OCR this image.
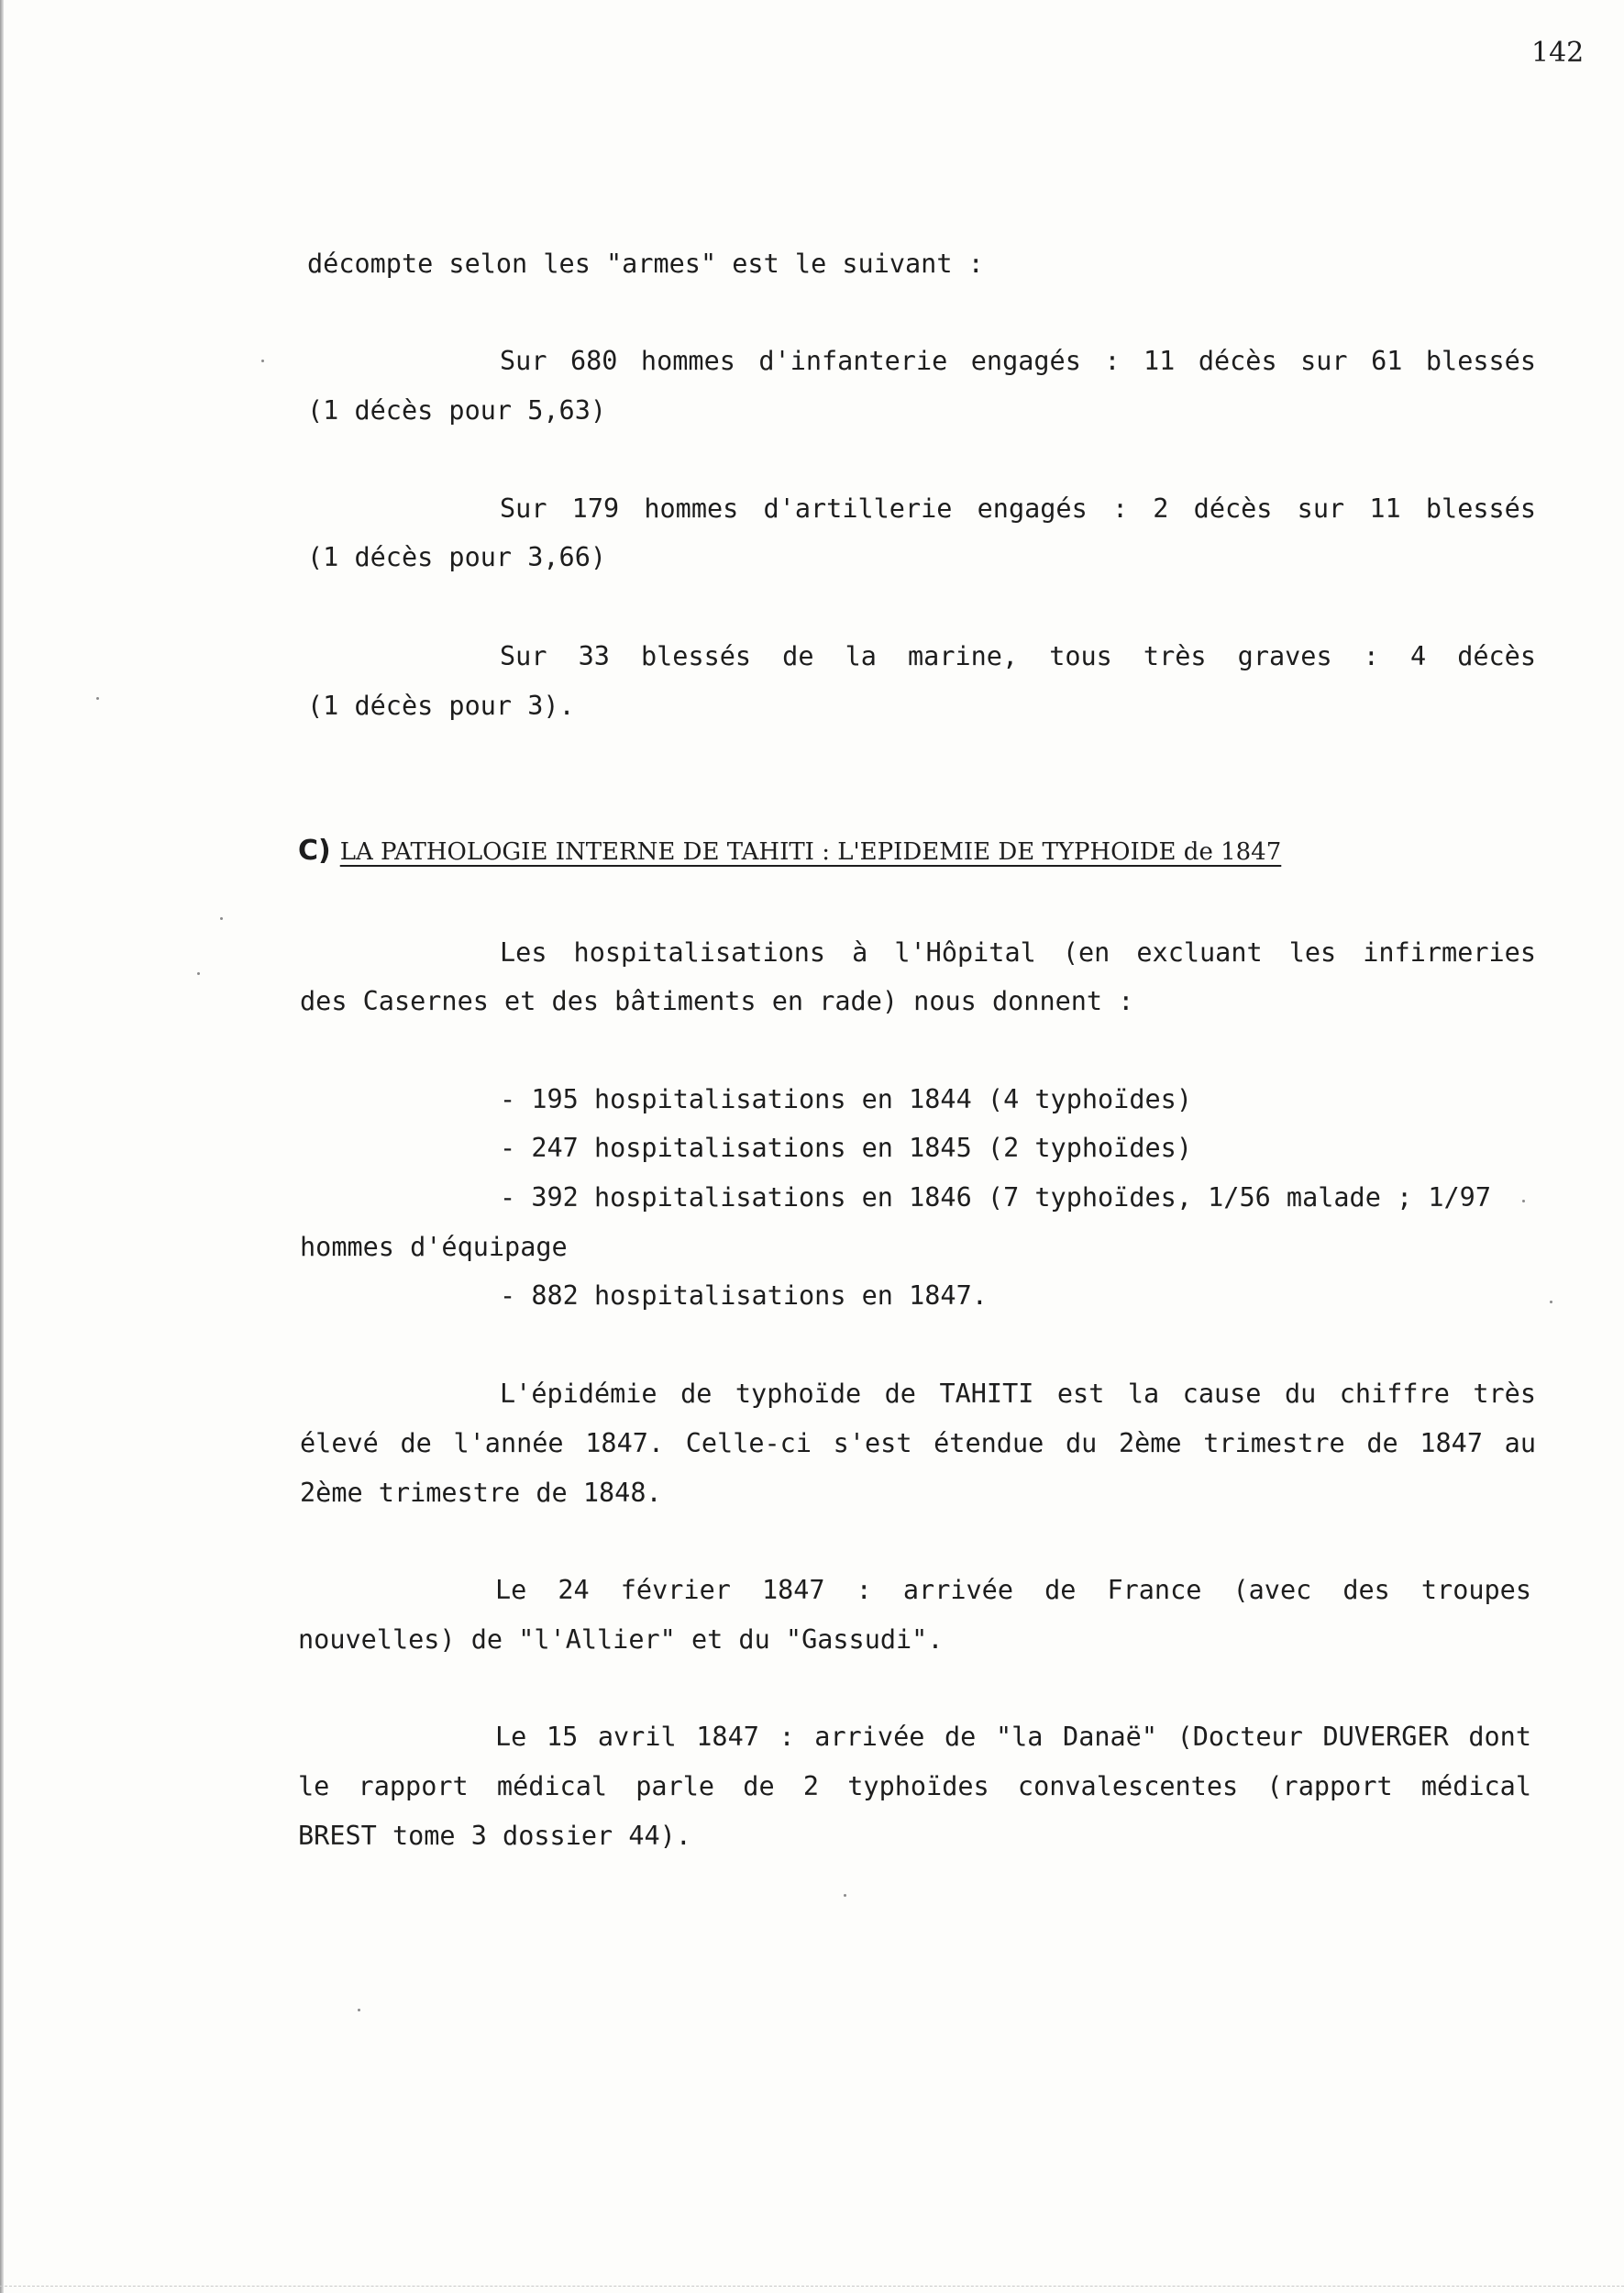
142
décompte selon les "armes" est le suivant :
Sur 680 hommes d'infanterie engagés : 11 décès sur 61 blessés
(1 décès pour 5,63)
Sur 179 hommes d'artillerie engagés : 2 décès sur 11 blessés
(1 décès pour 3,66)
Sur 33 blessés de la marine, tous très graves : 4 décès
(1 décès pour 3).
C) LA PATHOLOGIE INTERNE DE TAHITI : L'EPIDEMIE DE TYPHOIDE de 1847
Les hospitalisations à l'Hôpital (en excluant les infirmeries
des Casernes et des bâtiments en rade) nous donnent :
- 195 hospitalisations en 1844 (4 typhoïdes)
- 247 hospitalisations en 1845 (2 typhoïdes)
- 392 hospitalisations en 1846 (7 typhoïdes, 1/56 malade ; 1/97
hommes d'équipage
- 882 hospitalisations en 1847.
L'épidémie de typhoïde de TAHITI est la cause du chiffre très
élevé de l'année 1847. Celle-ci s'est étendue du 2ème trimestre de 1847 au
2ème trimestre de 1848.
Le 24 février 1847 : arrivée de France (avec des troupes
nouvelles) de "l'Allier" et du "Gassudi".
Le 15 avril 1847 : arrivée de "la Danaë" (Docteur DUVERGER dont
le rapport médical parle de 2 typhoïdes convalescentes (rapport médical
BREST tome 3 dossier 44).
